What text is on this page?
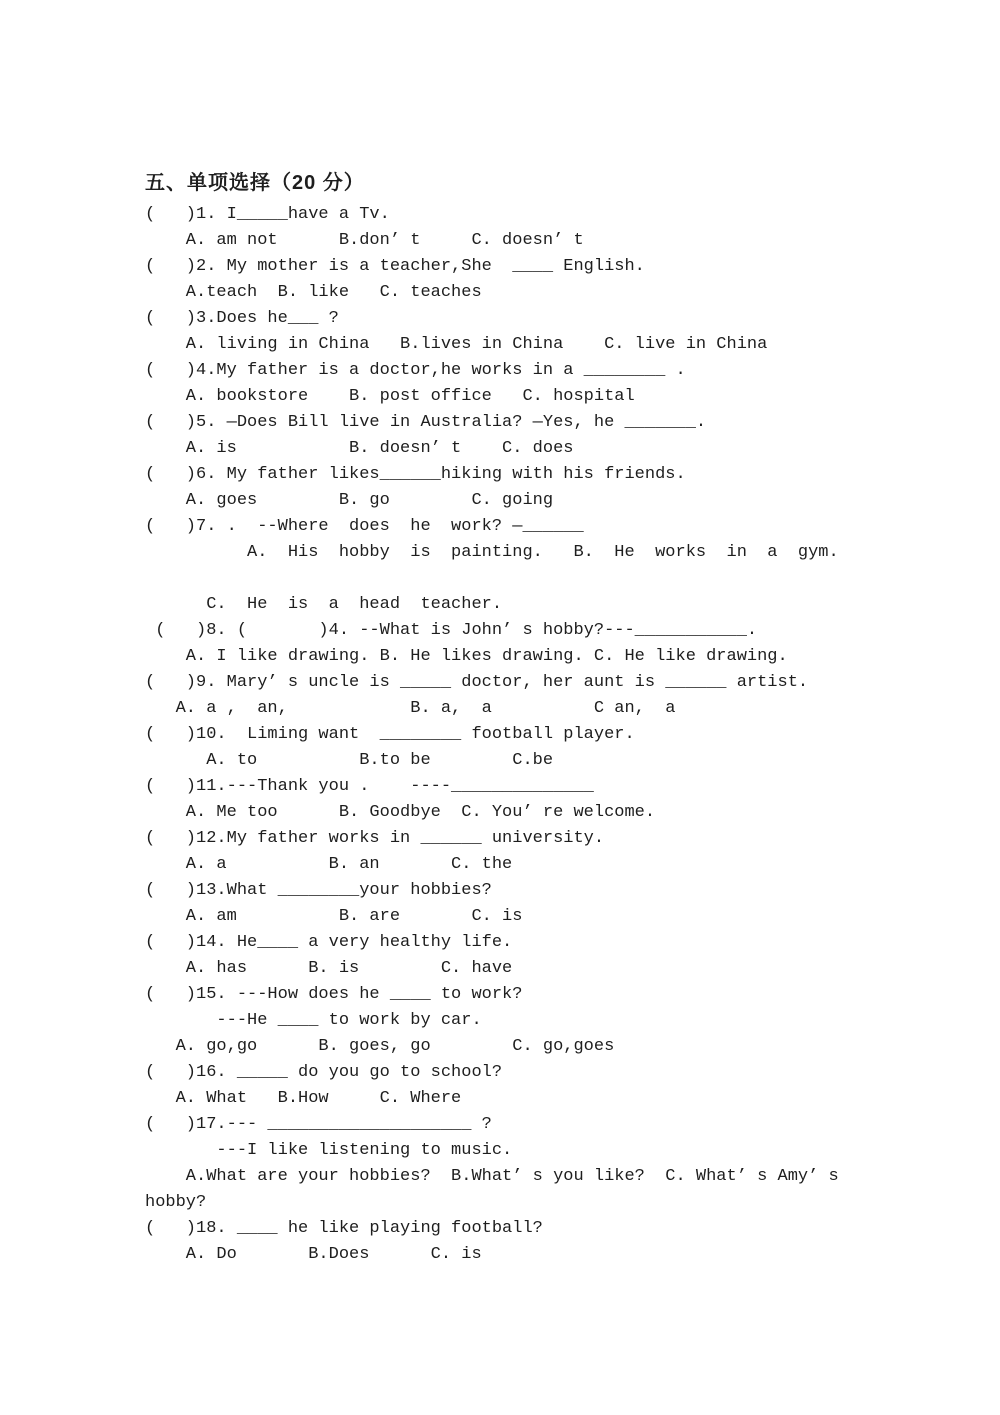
五、单项选择（20 分）
(   )1. I_____have a Tv.
A. am not      B.don’ t     C. doesn’ t
(   )2. My mother is a teacher,She  ____ English.
A.teach  B. like   C. teaches
(   )3.Does he___ ?
A. living in China   B.lives in China    C. live in China
(   )4.My father is a doctor,he works in a ________ .
A. bookstore    B. post office   C. hospital
(   )5. —Does Bill live in Australia? —Yes, he _______.
A. is           B. doesn’ t    C. does
(   )6. My father likes______hiking with his friends.
A. goes        B. go        C. going
(   )7. .  --Where  does  he  work? —______
A.  His  hobby  is  painting.   B.  He  works  in  a  gym.
C.  He  is  a  head  teacher.
(   )8. (       )4. --What is John’ s hobby?---___________.
A. I like drawing. B. He likes drawing. C. He like drawing.
(   )9. Mary’ s uncle is _____ doctor, her aunt is ______ artist.
A. a ,  an,            B. a,  a          C an,  a
(   )10.  Liming want  ________ football player.
A. to          B.to be        C.be
(   )11.---Thank you .    ----______________
A. Me too      B. Goodbye  C. You’ re welcome.
(   )12.My father works in ______ university.
A. a          B. an       C. the
(   )13.What ________your hobbies?
A. am          B. are       C. is
(   )14. He____ a very healthy life.
A. has      B. is        C. have
(   )15. ---How does he ____ to work?
---He ____ to work by car.
A. go,go      B. goes, go        C. go,goes
(   )16. _____ do you go to school?
A. What   B.How     C. Where
(   )17.--- ____________________ ?
---I like listening to music.
A.What are your hobbies?  B.What’ s you like?  C. What’ s Amy’ s
hobby?
(   )18. ____ he like playing football?
A. Do       B.Does      C. is
